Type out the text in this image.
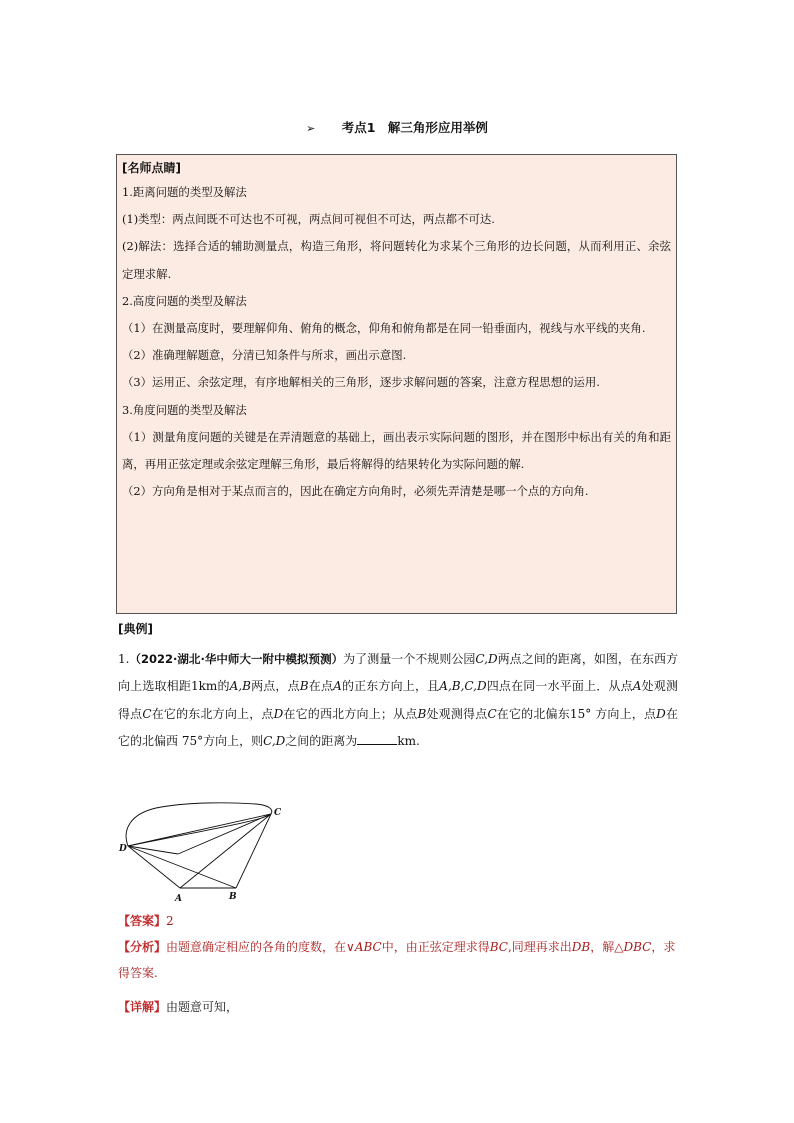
➢ 考点1 解三角形应用举例
[名师点睛]
1.距离问题的类型及解法
(1)类型：两点间既不可达也不可视，两点间可视但不可达，两点都不可达.
(2)解法：选择合适的辅助测量点，构造三角形，将问题转化为求某个三角形的边长问题，从而利用正、余弦定理求解.
2.高度问题的类型及解法
（1）在测量高度时，要理解仰角、俯角的概念，仰角和俯角都是在同一铅垂面内，视线与水平线的夹角.
（2）准确理解题意，分清已知条件与所求，画出示意图.
（3）运用正、余弦定理，有序地解相关的三角形，逐步求解问题的答案，注意方程思想的运用.
3.角度问题的类型及解法
（1）测量角度问题的关键是在弄清题意的基础上，画出表示实际问题的图形，并在图形中标出有关的角和距离，再用正弦定理或余弦定理解三角形，最后将解得的结果转化为实际问题的解.
（2）方向角是相对于某点而言的，因此在确定方向角时，必须先弄清楚是哪一个点的方向角.
[典例]
1.（2022·湖北·华中师大一附中模拟预测）为了测量一个不规则公园C,D两点之间的距离，如图，在东西方向上选取相距1km的A,B两点，点B在点A的正东方向上，且A,B,C,D四点在同一水平面上．从点A处观测得点C在它的东北方向上，点D在它的西北方向上；从点B处观测得点C在它的北偏东15° 方向上，点D在它的北偏西 75°方向上，则C,D之间的距离为	km.
C
D
A	B
【答案】2
【分析】由题意确定相应的各角的度数，在∨ABC中，由正弦定理求得BC,同理再求出DB，解△DBC，求得答案.
【详解】由题意可知，
